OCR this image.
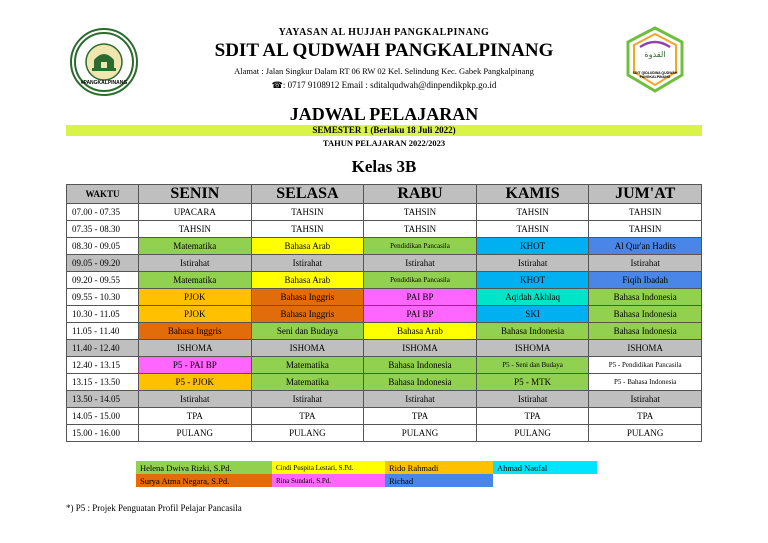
#PANGKALPINANG
القدوة
SDIT QIDLUDWA QUDWAH PANGKALPINANG
YAYASAN AL HUJJAH PANGKALPINANG
SDIT AL QUDWAH PANGKALPINANG
Alamat : Jalan Singkur Dalam RT 06 RW 02 Kel. Selindung Kec. Gabek Pangkalpinang
☎: 0717 9108912 Email : sditalqudwah@dinpendikpkp.go.id
JADWAL PELAJARAN
SEMESTER 1 (Berlaku 18 Juli 2022)
TAHUN PELAJARAN 2022/2023
Kelas 3B
WAKTU	SENIN	SELASA	RABU	KAMIS	JUM'AT
07.00 - 07.35	UPACARA	TAHSIN	TAHSIN	TAHSIN	TAHSIN
07.35 - 08.30	TAHSIN	TAHSIN	TAHSIN	TAHSIN	TAHSIN
08.30 - 09.05	Matematika	Bahasa Arab	Pendidikan Pancasila	KHOT	Al Qur'an Hadits
09.05 - 09.20	Istirahat	Istirahat	Istirahat	Istirahat	Istirahat
09.20 - 09.55	Matematika	Bahasa Arab	Pendidikan Pancasila	KHOT	Fiqih Ibadah
09.55 - 10.30	PJOK	Bahasa Inggris	PAI BP	Aqidah Akhlaq	Bahasa Indonesia
10.30 - 11.05	PJOK	Bahasa Inggris	PAI BP	SKI	Bahasa Indonesia
11.05 - 11.40	Bahasa Inggris	Seni dan Budaya	Bahasa Arab	Bahasa Indonesia	Bahasa Indonesia
11.40 - 12.40	ISHOMA	ISHOMA	ISHOMA	ISHOMA	ISHOMA
12.40 - 13.15	P5 - PAI BP	Matematika	Bahasa Indonesia	P5 - Seni dan Budaya	P5 - Pendidikan Pancasila
13.15 - 13.50	P5 - PJOK	Matematika	Bahasa Indonesia	P5 - MTK	P5 - Bahasa Indonesia
13.50 - 14.05	Istirahat	Istirahat	Istirahat	Istirahat	Istirahat
14.05 - 15.00	TPA	TPA	TPA	TPA	TPA
15.00 - 16.00	PULANG	PULANG	PULANG	PULANG	PULANG
Helena Dwiva Rizki, S.Pd.	Cindi Puspita Lestari, S.Pd.	Rido Rahmadi	Ahmad Naufal
Surya Atma Negara, S.Pd.	Rina Sundari, S.Pd.	Richad	
*) P5 : Projek Penguatan Profil Pelajar Pancasila
